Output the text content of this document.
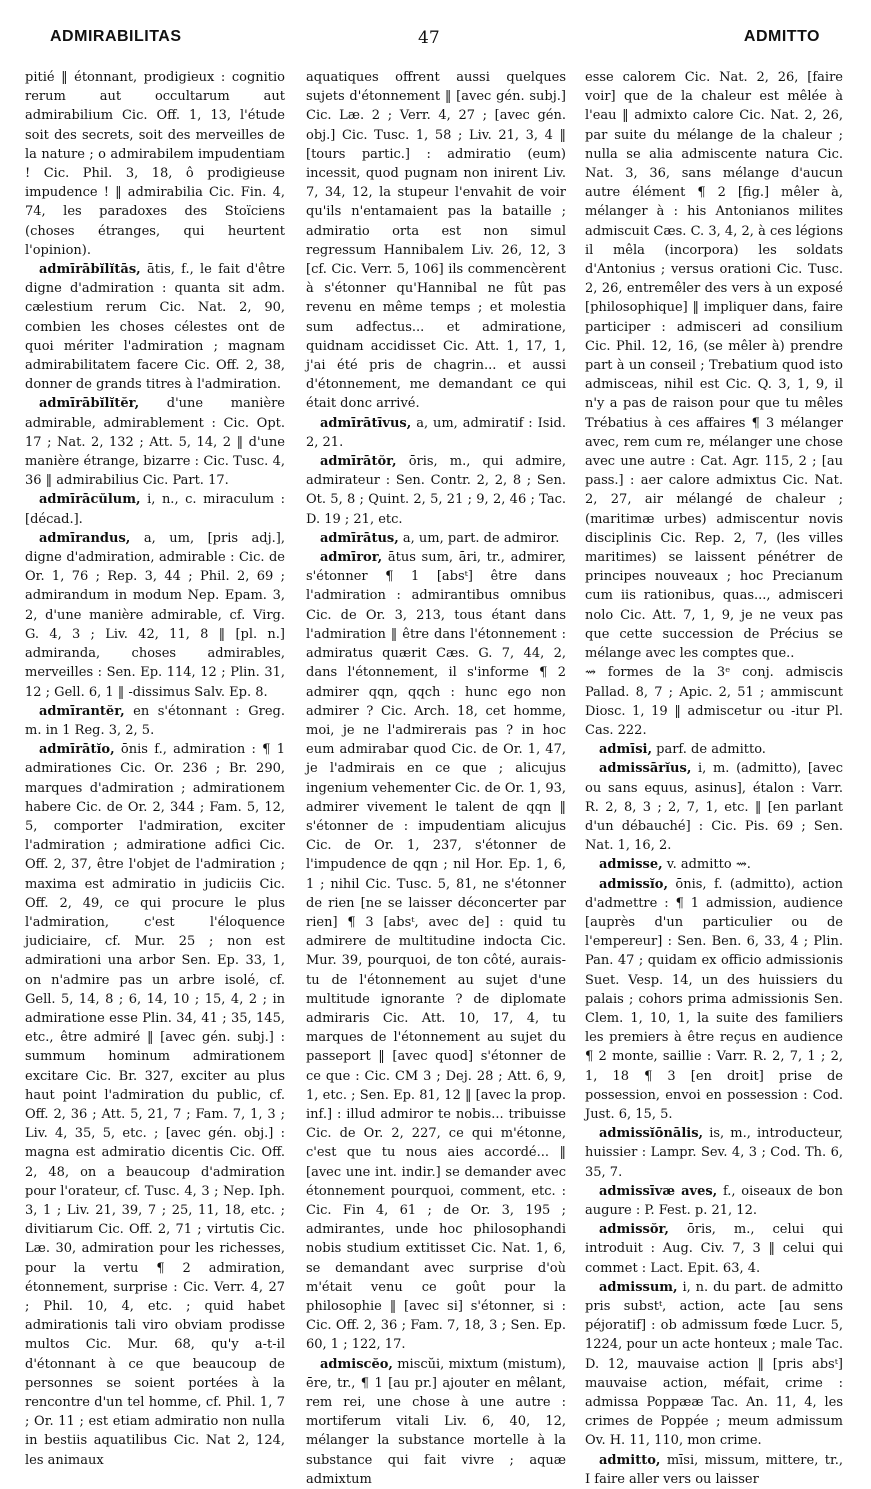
ADMIRABILITAS	47	ADMITTO

pitié ‖ étonnant, prodigieux : cognitio rerum aut occultarum aut admirabilium Cic. Off. 1, 13, l'étude soit des secrets, soit des merveilles de la nature ; o admirabilem impudentiam ! Cic. Phil. 3, 18, ô prodigieuse impudence ! ‖ admirabilia Cic. Fin. 4, 74, les paradoxes des Stoïciens (choses étranges, qui heurtent l'opinion).

admīrābĭlĭtās, ātis, f., le fait d'être digne d'admiration : quanta sit adm. cælestium rerum Cic. Nat. 2, 90, combien les choses célestes ont de quoi mériter l'admiration ; magnam admirabilitatem facere Cic. Off. 2, 38, donner de grands titres à l'admiration.

admīrābĭlĭtĕr, d'une manière admirable, admirablement : Cic. Opt. 17 ; Nat. 2, 132 ; Att. 5, 14, 2 ‖ d'une manière étrange, bizarre : Cic. Tusc. 4, 36 ‖ admirabilius Cic. Part. 17.

admīrācŭlum, i, n., c. miraculum : [décad.].

admīrandus, a, um, [pris adj.], digne d'admiration, admirable : Cic. de Or. 1, 76 ; Rep. 3, 44 ; Phil. 2, 69 ; admirandum in modum Nep. Epam. 3, 2, d'une manière admirable, cf. Virg. G. 4, 3 ; Liv. 42, 11, 8 ‖ [pl. n.] admiranda, choses admirables, merveilles : Sen. Ep. 114, 12 ; Plin. 31, 12 ; Gell. 6, 1 ‖ -dissimus Salv. Ep. 8.

admīrantĕr, en s'étonnant : Greg. m. in 1 Reg. 3, 2, 5.

admīrātĭo, ōnis f., admiration : ¶ 1 admirationes Cic. Or. 236 ; Br. 290, marques d'admiration ; admirationem habere Cic. de Or. 2, 344 ; Fam. 5, 12, 5, comporter l'admiration, exciter l'admiration ; admiratione adfici Cic. Off. 2, 37, être l'objet de l'admiration ; maxima est admiratio in judiciis Cic. Off. 2, 49, ce qui procure le plus l'admiration, c'est l'éloquence judiciaire, cf. Mur. 25 ; non est admirationi una arbor Sen. Ep. 33, 1, on n'admire pas un arbre isolé, cf. Gell. 5, 14, 8 ; 6, 14, 10 ; 15, 4, 2 ; in admiratione esse Plin. 34, 41 ; 35, 145, etc., être admiré ‖ [avec gén. subj.] : summum hominum admirationem excitare Cic. Br. 327, exciter au plus haut point l'admiration du public, cf. Off. 2, 36 ; Att. 5, 21, 7 ; Fam. 7, 1, 3 ; Liv. 4, 35, 5, etc. ; [avec gén. obj.] : magna est admiratio dicentis Cic. Off. 2, 48, on a beaucoup d'admiration pour l'orateur, cf. Tusc. 4, 3 ; Nep. Iph. 3, 1 ; Liv. 21, 39, 7 ; 25, 11, 18, etc. ; divitiarum Cic. Off. 2, 71 ; virtutis Cic. Læ. 30, admiration pour les richesses, pour la vertu ¶ 2 admiration, étonnement, surprise : Cic. Verr. 4, 27 ; Phil. 10, 4, etc. ; quid habet admirationis tali viro obviam prodisse multos Cic. Mur. 68, qu'y a-t-il d'étonnant à ce que beaucoup de personnes se soient portées à la rencontre d'un tel homme, cf. Phil. 1, 7 ; Or. 11 ; est etiam admiratio non nulla in bestiis aquatilibus Cic. Nat 2, 124, les animaux

aquatiques offrent aussi quelques sujets d'étonnement ‖ [avec gén. subj.] Cic. Læ. 2 ; Verr. 4, 27 ; [avec gén. obj.] Cic. Tusc. 1, 58 ; Liv. 21, 3, 4 ‖ [tours partic.] : admiratio (eum) incessit, quod pugnam non inirent Liv. 7, 34, 12, la stupeur l'envahit de voir qu'ils n'entamaient pas la bataille ; admiratio orta est non simul regressum Hannibalem Liv. 26, 12, 3 [cf. Cic. Verr. 5, 106] ils commencèrent à s'étonner qu'Hannibal ne fût pas revenu en même temps ; et molestia sum adfectus... et admiratione, quidnam accidisset Cic. Att. 1, 17, 1, j'ai été pris de chagrin... et aussi d'étonnement, me demandant ce qui était donc arrivé.

admīrātīvus, a, um, admiratif : Isid. 2, 21.

admīrātŏr, ōris, m., qui admire, admirateur : Sen. Contr. 2, 2, 8 ; Sen. Ot. 5, 8 ; Quint. 2, 5, 21 ; 9, 2, 46 ; Tac. D. 19 ; 21, etc.

admīrātus, a, um, part. de admiror.

admīror, ātus sum, āri, tr., admirer, s'étonner ¶ 1 [absᵗ] être dans l'admiration : admirantibus omnibus Cic. de Or. 3, 213, tous étant dans l'admiration ‖ être dans l'étonnement : admiratus quærit Cæs. G. 7, 44, 2, dans l'étonnement, il s'informe ¶ 2 admirer qqn, qqch : hunc ego non admirer ? Cic. Arch. 18, cet homme, moi, je ne l'admirerais pas ? in hoc eum admirabar quod Cic. de Or. 1, 47, je l'admirais en ce que ; alicujus ingenium vehementer Cic. de Or. 1, 93, admirer vivement le talent de qqn ‖ s'étonner de : impudentiam alicujus Cic. de Or. 1, 237, s'étonner de l'impudence de qqn ; nil Hor. Ep. 1, 6, 1 ; nihil Cic. Tusc. 5, 81, ne s'étonner de rien [ne se laisser déconcerter par rien] ¶ 3 [absᵗ, avec de] : quid tu admirere de multitudine indocta Cic. Mur. 39, pourquoi, de ton côté, aurais-tu de l'étonnement au sujet d'une multitude ignorante ? de diplomate admiraris Cic. Att. 10, 17, 4, tu marques de l'étonnement au sujet du passeport ‖ [avec quod] s'étonner de ce que : Cic. CM 3 ; Dej. 28 ; Att. 6, 9, 1, etc. ; Sen. Ep. 81, 12 ‖ [avec la prop. inf.] : illud admiror te nobis... tribuisse Cic. de Or. 2, 227, ce qui m'étonne, c'est que tu nous aies accordé... ‖ [avec une int. indir.] se demander avec étonnement pourquoi, comment, etc. : Cic. Fin 4, 61 ; de Or. 3, 195 ; admirantes, unde hoc philosophandi nobis studium extitisset Cic. Nat. 1, 6, se demandant avec surprise d'où m'était venu ce goût pour la philosophie ‖ [avec si] s'étonner, si : Cic. Off. 2, 36 ; Fam. 7, 18, 3 ; Sen. Ep. 60, 1 ; 122, 17.

admiscĕo, miscŭi, mixtum (mistum), ēre, tr., ¶ 1 [au pr.] ajouter en mêlant, rem rei, une chose à une autre : mortiferum vitali Liv. 6, 40, 12, mélanger la substance mortelle à la substance qui fait vivre ; aquæ admixtum

esse calorem Cic. Nat. 2, 26, [faire voir] que de la chaleur est mêlée à l'eau ‖ admixto calore Cic. Nat. 2, 26, par suite du mélange de la chaleur ; nulla se alia admiscente natura Cic. Nat. 3, 36, sans mélange d'aucun autre élément ¶ 2 [fig.] mêler à, mélanger à : his Antonianos milites admiscuit Cæs. C. 3, 4, 2, à ces légions il mêla (incorpora) les soldats d'Antonius ; versus orationi Cic. Tusc. 2, 26, entremêler des vers à un exposé [philosophique] ‖ impliquer dans, faire participer : admisceri ad consilium Cic. Phil. 12, 16, (se mêler à) prendre part à un conseil ; Trebatium quod isto admisceas, nihil est Cic. Q. 3, 1, 9, il n'y a pas de raison pour que tu mêles Trébatius à ces affaires ¶ 3 mélanger avec, rem cum re, mélanger une chose avec une autre : Cat. Agr. 115, 2 ; [au pass.] : aer calore admixtus Cic. Nat. 2, 27, air mélangé de chaleur ; (maritimæ urbes) admiscentur novis disciplinis Cic. Rep. 2, 7, (les villes maritimes) se laissent pénétrer de principes nouveaux ; hoc Precianum cum iis rationibus, quas..., admisceri nolo Cic. Att. 7, 1, 9, je ne veux pas que cette succession de Précius se mélange avec les comptes que..

⇝ formes de la 3ᵉ conj. admiscis Pallad. 8, 7 ; Apic. 2, 51 ; ammiscunt Diosc. 1, 19 ‖ admiscetur ou -itur Pl. Cas. 222.

admīsi, parf. de admitto.

admissārĭus, i, m. (admitto), [avec ou sans equus, asinus], étalon : Varr. R. 2, 8, 3 ; 2, 7, 1, etc. ‖ [en parlant d'un débauché] : Cic. Pis. 69 ; Sen. Nat. 1, 16, 2.

admisse, v. admitto ⇝.

admissĭo, ōnis, f. (admitto), action d'admettre : ¶ 1 admission, audience [auprès d'un particulier ou de l'empereur] : Sen. Ben. 6, 33, 4 ; Plin. Pan. 47 ; quidam ex officio admissionis Suet. Vesp. 14, un des huissiers du palais ; cohors prima admissionis Sen. Clem. 1, 10, 1, la suite des familiers les premiers à être reçus en audience ¶ 2 monte, saillie : Varr. R. 2, 7, 1 ; 2, 1, 18 ¶ 3 [en droit] prise de possession, envoi en possession : Cod. Just. 6, 15, 5.

admissĭōnālis, is, m., introducteur, huissier : Lampr. Sev. 4, 3 ; Cod. Th. 6, 35, 7.

admissīvæ aves, f., oiseaux de bon augure : P. Fest. p. 21, 12.

admissŏr, ōris, m., celui qui introduit : Aug. Civ. 7, 3 ‖ celui qui commet : Lact. Epit. 63, 4.

admissum, i, n. du part. de admitto pris substᵗ, action, acte [au sens péjoratif] : ob admissum fœde Lucr. 5, 1224, pour un acte honteux ; male Tac. D. 12, mauvaise action ‖ [pris absᵗ] mauvaise action, méfait, crime : admissa Poppææ Tac. An. 11, 4, les crimes de Poppée ; meum admissum Ov. H. 11, 110, mon crime.

admitto, mīsi, missum, mittere, tr., I faire aller vers ou laisser
